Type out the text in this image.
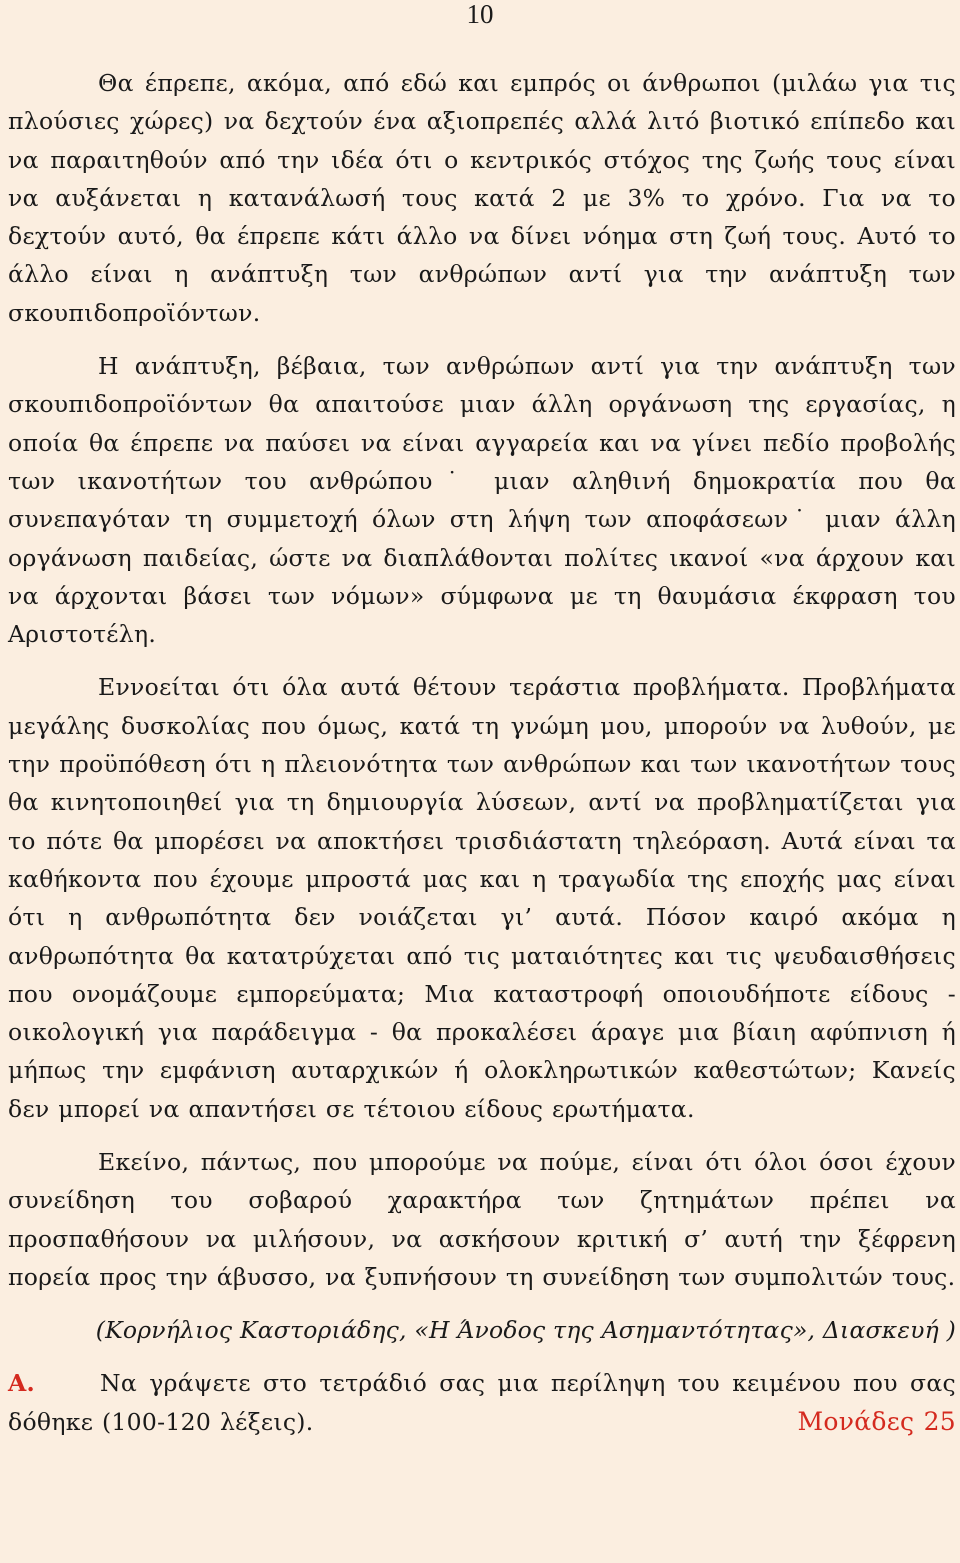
10

Θα έπρεπε, ακόμα, από εδώ και εμπρός οι άνθρωποι (μιλάω για τις πλούσιες χώρες) να δεχτούν ένα αξιοπρεπές αλλά λιτό βιοτικό επίπεδο και να παραιτηθούν από την ιδέα ότι ο κεντρικός στόχος της ζωής τους είναι να αυξάνεται η κατανάλωσή τους κατά 2 με 3% το χρόνο. Για να το δεχτούν αυτό, θα έπρεπε κάτι άλλο να δίνει νόημα στη ζωή τους. Αυτό το άλλο είναι η ανάπτυξη των ανθρώπων αντί για την ανάπτυξη των σκουπιδοπροϊόντων.

Η ανάπτυξη, βέβαια, των ανθρώπων αντί για την ανάπτυξη των σκουπιδοπροϊόντων θα απαιτούσε μιαν άλλη οργάνωση της εργασίας, η οποία θα έπρεπε να παύσει να είναι αγγαρεία και να γίνει πεδίο προβολής των ικανοτήτων του ανθρώπου˙ μιαν αληθινή δημοκρατία που θα συνεπαγόταν τη συμμετοχή όλων στη λήψη των αποφάσεων˙ μιαν άλλη οργάνωση παιδείας, ώστε να διαπλάθονται πολίτες ικανοί «να άρχουν και να άρχονται βάσει των νόμων» σύμφωνα με τη θαυμάσια έκφραση του Αριστοτέλη.

Εννοείται ότι όλα αυτά θέτουν τεράστια προβλήματα. Προβλήματα μεγάλης δυσκολίας που όμως, κατά τη γνώμη μου, μπορούν να λυθούν, με την προϋπόθεση ότι η πλειονότητα των ανθρώπων και των ικανοτήτων τους θα κινητοποιηθεί για τη δημιουργία λύσεων, αντί να προβληματίζεται για το πότε θα μπορέσει να αποκτήσει τρισδιάστατη τηλεόραση. Αυτά είναι τα καθήκοντα που έχουμε μπροστά μας και η τραγωδία της εποχής μας είναι ότι η ανθρωπότητα δεν νοιάζεται γι’ αυτά. Πόσον καιρό ακόμα η ανθρωπότητα θα κατατρύχεται από τις ματαιότητες και τις ψευδαισθήσεις που ονομάζουμε εμπορεύματα; Μια καταστροφή οποιουδήποτε είδους - οικολογική για παράδειγμα - θα προκαλέσει άραγε μια βίαιη αφύπνιση ή μήπως την εμφάνιση αυταρχικών ή ολοκληρωτικών καθεστώτων; Κανείς δεν μπορεί να απαντήσει σε τέτοιου είδους ερωτήματα.

Εκείνο, πάντως, που μπορούμε να πούμε, είναι ότι όλοι όσοι έχουν συνείδηση του σοβαρού χαρακτήρα των ζητημάτων πρέπει να προσπαθήσουν να μιλήσουν, να ασκήσουν κριτική σ’ αυτή την ξέφρενη πορεία προς την άβυσσο, να ξυπνήσουν τη συνείδηση των συμπολιτών τους.

(Κορνήλιος Καστοριάδης, «Η Άνοδος της Ασημαντότητας», Διασκευή )

Α.	Να γράψετε στο τετράδιό σας μια περίληψη του κειμένου που σας δόθηκε (100-120 λέξεις).	Μονάδες 25
